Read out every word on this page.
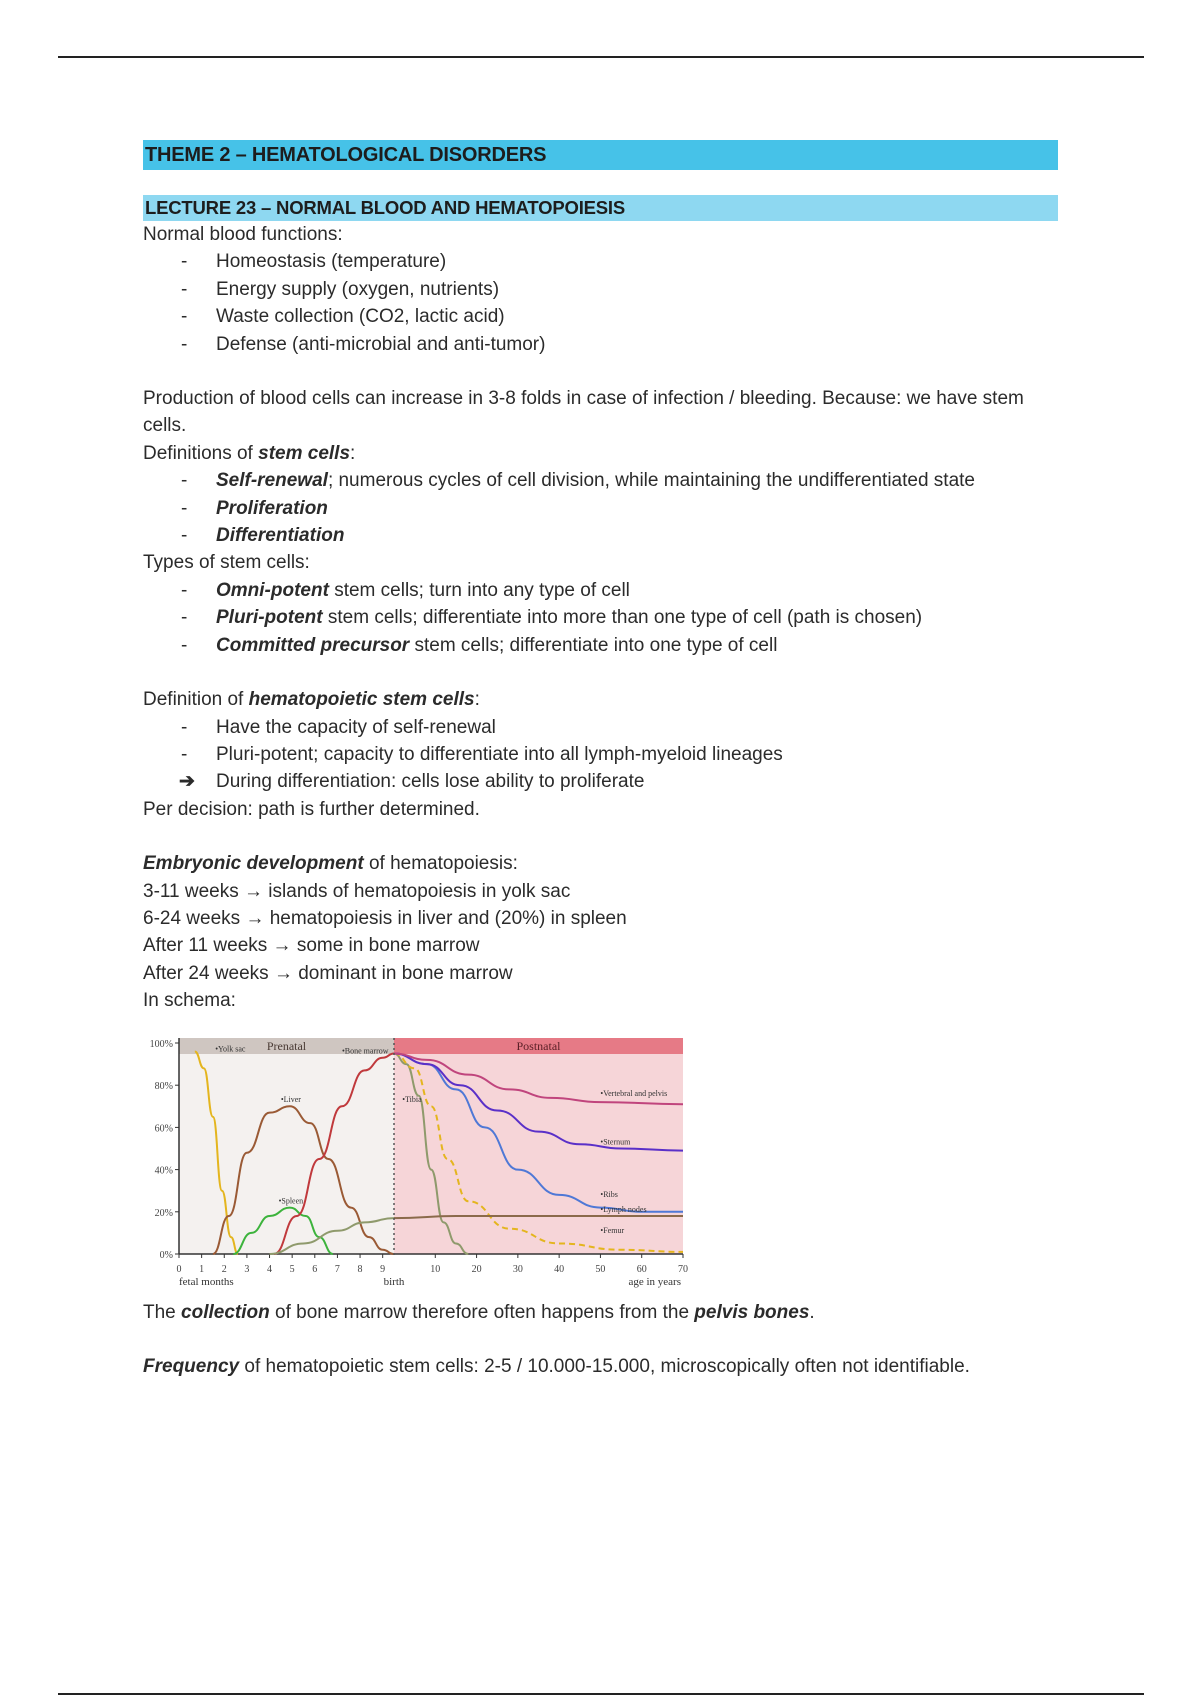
THEME 2 – HEMATOLOGICAL DISORDERS
LECTURE 23 – NORMAL BLOOD AND HEMATOPOIESIS
Normal blood functions:
- Homeostasis (temperature)
- Energy supply (oxygen, nutrients)
- Waste collection (CO2, lactic acid)
- Defense (anti-microbial and anti-tumor)
Production of blood cells can increase in 3-8 folds in case of infection / bleeding. Because: we have stem cells.
Definitions of stem cells:
- Self-renewal; numerous cycles of cell division, while maintaining the undifferentiated state
- Proliferation
- Differentiation
Types of stem cells:
- Omni-potent stem cells; turn into any type of cell
- Pluri-potent stem cells; differentiate into more than one type of cell (path is chosen)
- Committed precursor stem cells; differentiate into one type of cell
Definition of hematopoietic stem cells:
- Have the capacity of self-renewal
- Pluri-potent; capacity to differentiate into all lymph-myeloid lineages
➔ During differentiation: cells lose ability to proliferate
Per decision: path is further determined.
Embryonic development of hematopoiesis:
3-11 weeks → islands of hematopoiesis in yolk sac
6-24 weeks → hematopoiesis in liver and (20%) in spleen
After 11 weeks → some in bone marrow
After 24 weeks → dominant in bone marrow
In schema:
The collection of bone marrow therefore often happens from the pelvis bones.
Frequency of hematopoietic stem cells: 2-5 / 10.000-15.000, microscopically often not identifiable.
Prenatal	Postnatal
0%
20%
40%
60%
80%
100%
0 1 2 3 4 5 6 7 8 9	10	20	30	40	50	60	70
•Yolk sac
•Liver
•Spleen
•Bone marrow
•Tibia
•Femur
•Ribs
•Sternum
•Vertebral and pelvis
•Lymph nodes
birth
fetal months	age in years
